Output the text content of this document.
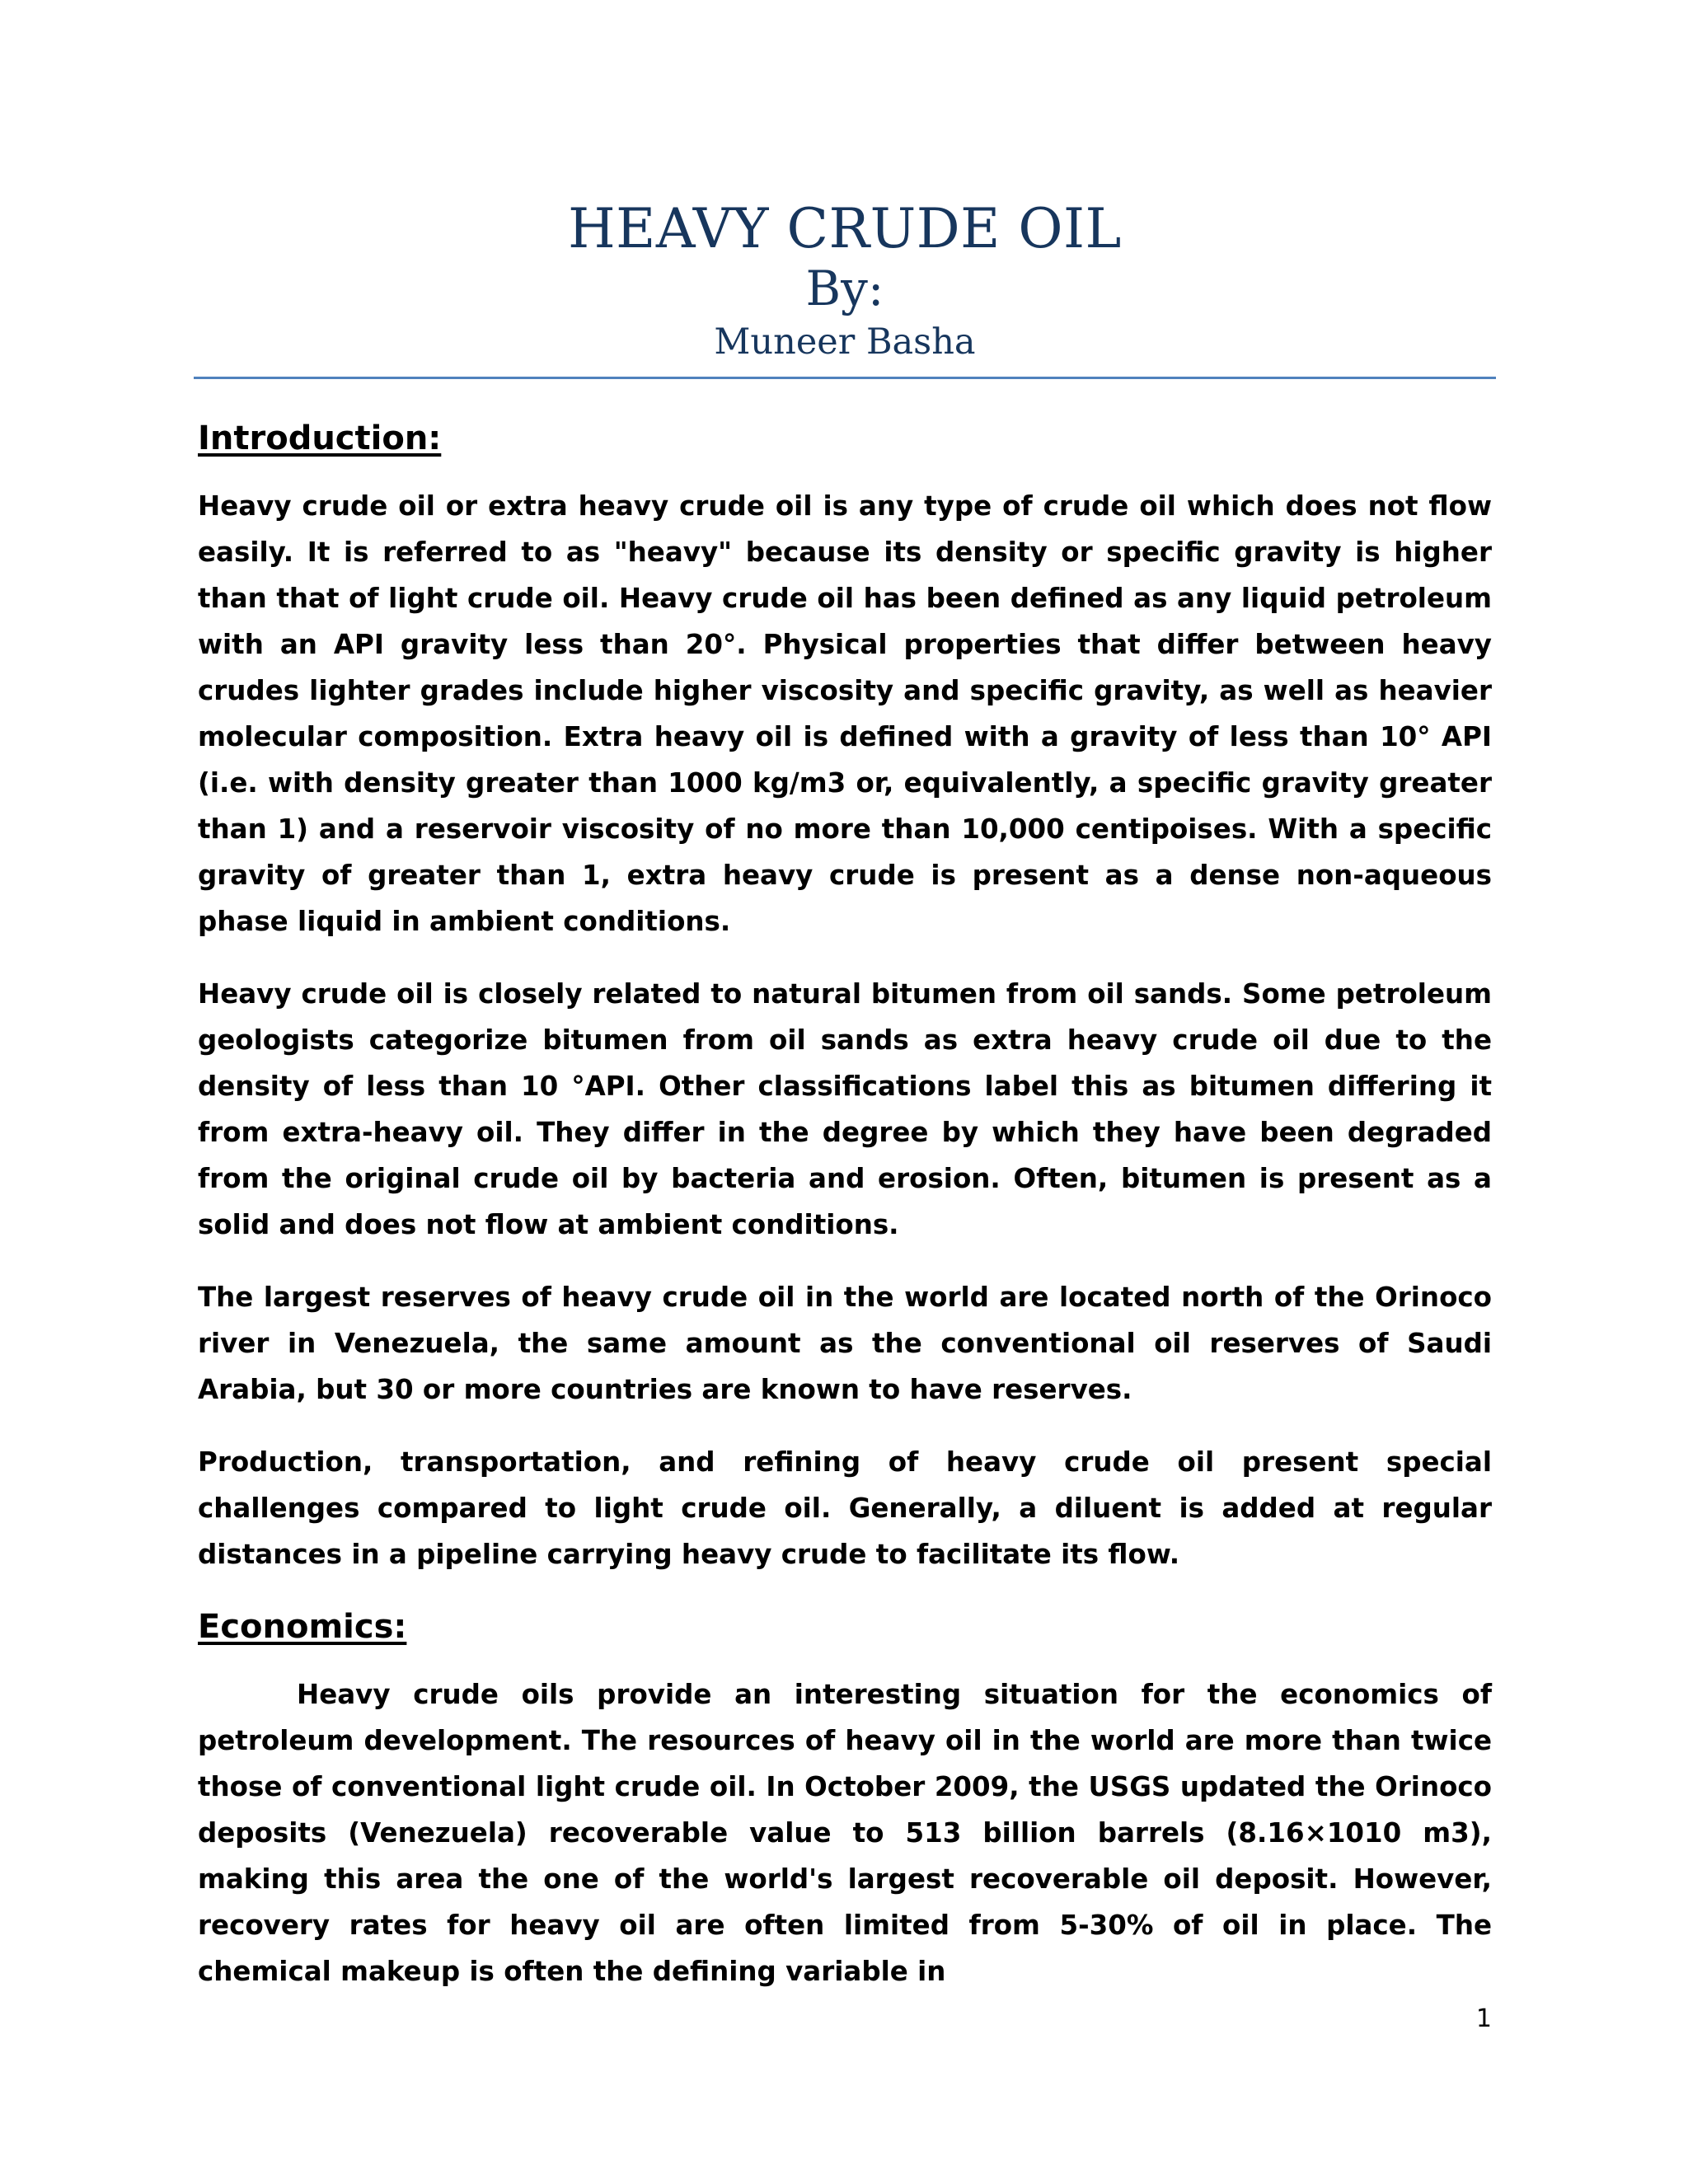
HEAVY CRUDE OIL

By:

Muneer Basha

Introduction:

Heavy crude oil or extra heavy crude oil is any type of crude oil which does not flow easily. It is referred to as "heavy" because its density or specific gravity is higher than that of light crude oil. Heavy crude oil has been defined as any liquid petroleum with an API gravity less than 20°. Physical properties that differ between heavy crudes lighter grades include higher viscosity and specific gravity, as well as heavier molecular composition. Extra heavy oil is defined with a gravity of less than 10° API (i.e. with density greater than 1000 kg/m3 or, equivalently, a specific gravity greater than 1) and a reservoir viscosity of no more than 10,000 centipoises. With a specific gravity of greater than 1, extra heavy crude is present as a dense non-aqueous phase liquid in ambient conditions.

Heavy crude oil is closely related to natural bitumen from oil sands. Some petroleum geologists categorize bitumen from oil sands as extra heavy crude oil due to the density of less than 10 °API. Other classifications label this as bitumen differing it from extra-heavy oil. They differ in the degree by which they have been degraded from the original crude oil by bacteria and erosion. Often, bitumen is present as a solid and does not flow at ambient conditions.

The largest reserves of heavy crude oil in the world are located north of the Orinoco river in Venezuela, the same amount as the conventional oil reserves of Saudi Arabia, but 30 or more countries are known to have reserves.

Production, transportation, and refining of heavy crude oil present special challenges compared to light crude oil. Generally, a diluent is added at regular distances in a pipeline carrying heavy crude to facilitate its flow.

Economics:

Heavy crude oils provide an interesting situation for the economics of petroleum development. The resources of heavy oil in the world are more than twice those of conventional light crude oil. In October 2009, the USGS updated the Orinoco deposits (Venezuela) recoverable value to 513 billion barrels (8.16×1010 m3), making this area the one of the world's largest recoverable oil deposit. However, recovery rates for heavy oil are often limited from 5-30% of oil in place. The chemical makeup is often the defining variable in

1
